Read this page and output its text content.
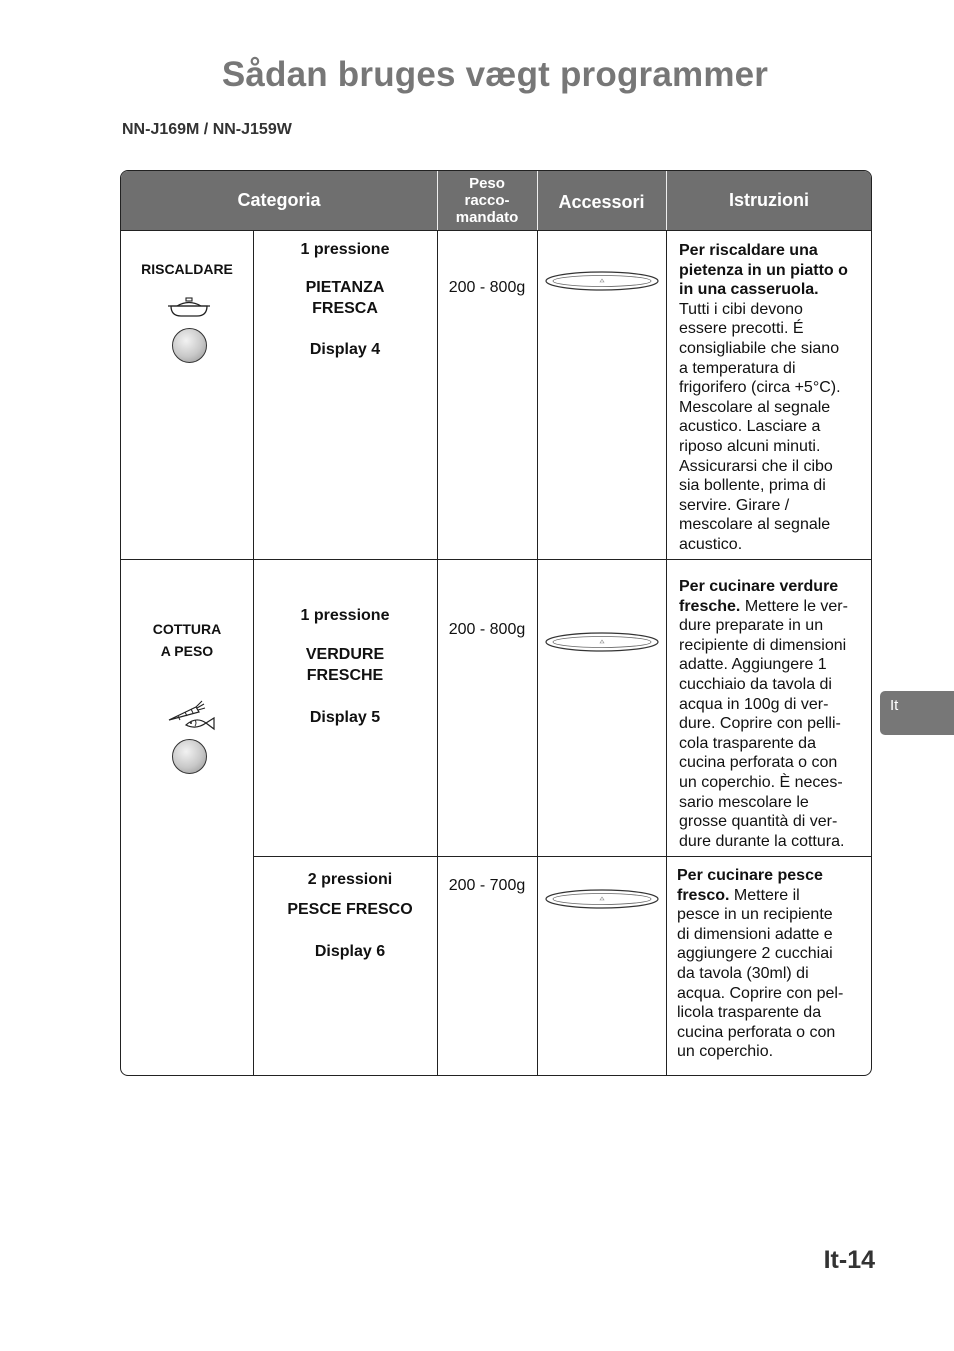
Sådan bruges vægt programmer
NN-J169M / NN-J159W
Categoria
Peso
racco-
mandato
Accessori	Istruzioni
RISCALDARE
COTTURA
A PESO
1 pressione
PIETANZA
FRESCA
Display 4
200 - 800g
Per riscaldare una
pietenza in un piatto o
in una casseruola.
Tutti i cibi devono
essere precotti. É
consigliabile che siano
a temperatura di
frigorifero (circa +5°C).
Mescolare al segnale
acustico. Lasciare a
riposo alcuni minuti.
Assicurarsi che il cibo
sia bollente, prima di
servire. Girare /
mescolare al segnale
acustico.
1 pressione
VERDURE
FRESCHE
Display 5
200 - 800g
Per cucinare verdure
fresche. Mettere le ver-
dure preparate in un
recipiente di dimensioni
adatte. Aggiungere 1
cucchiaio da tavola di
acqua in 100g di ver-
dure. Coprire con pelli-
cola trasparente da
cucina perforata o con
un coperchio. È neces-
sario mescolare le
grosse quantità di ver-
dure durante la cottura.
2 pressioni
PESCE FRESCO
Display 6
200 - 700g
Per cucinare pesce
fresco. Mettere il
pesce in un recipiente
di dimensioni adatte e
aggiungere 2 cucchiai
da tavola (30ml) di
acqua. Coprire con pel-
licola trasparente da
cucina perforata o con
un coperchio.
It
It-14
